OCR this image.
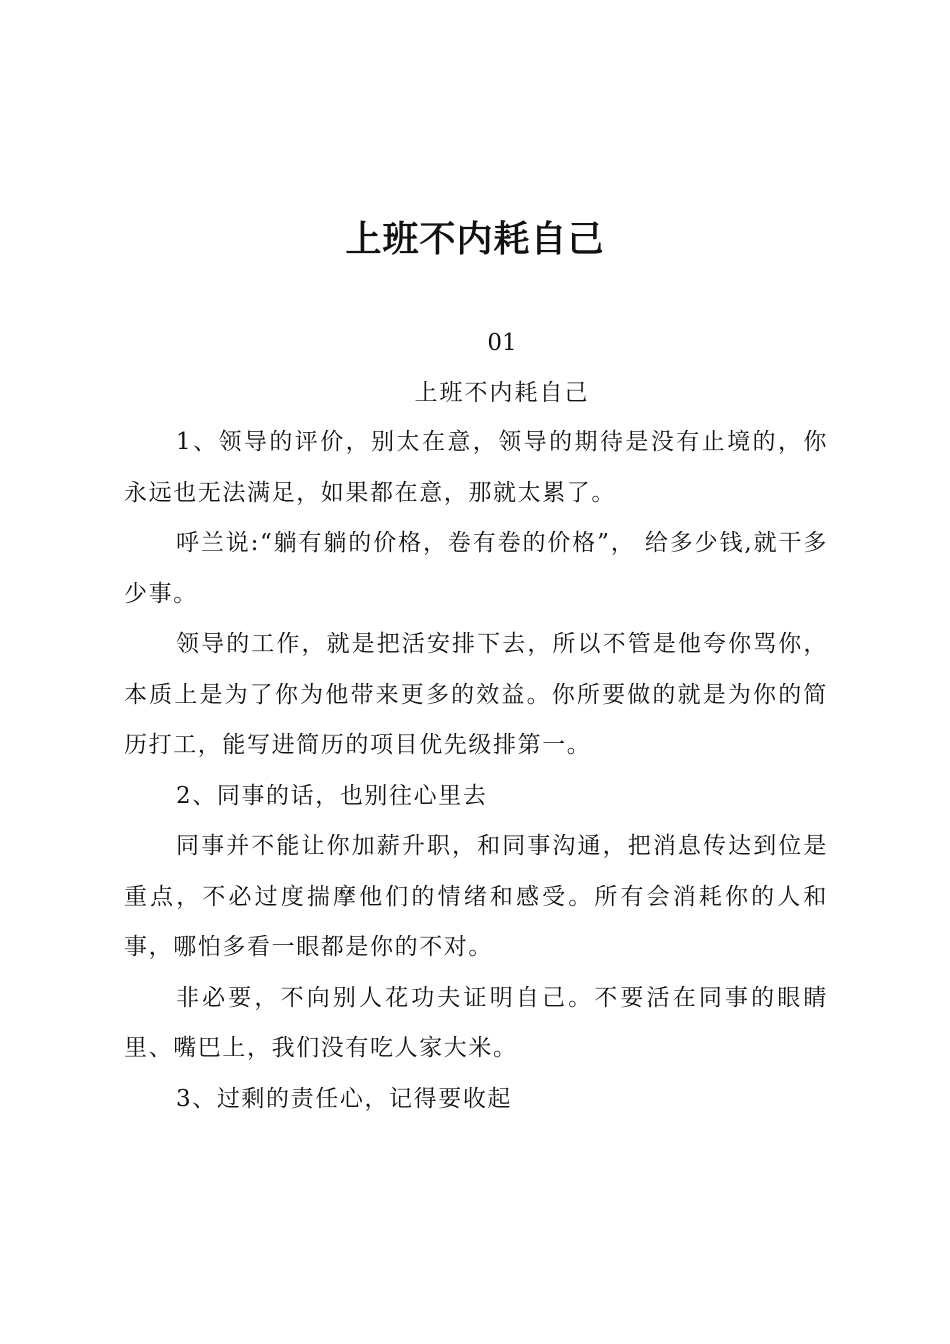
上班不内耗自己
01
上班不内耗自己

1、领导的评价，别太在意，领导的期待是没有止境的，你永远也无法满足，如果都在意，那就太累了。

呼兰说:“躺有躺的价格，卷有卷的价格”， 给多少钱,就干多少事。

领导的工作，就是把活安排下去，所以不管是他夸你骂你，本质上是为了你为他带来更多的效益。你所要做的就是为你的简历打工，能写进简历的项目优先级排第一。

2、同事的话，也别往心里去

同事并不能让你加薪升职，和同事沟通，把消息传达到位是重点，不必过度揣摩他们的情绪和感受。所有会消耗你的人和事，哪怕多看一眼都是你的不对。

非必要，不向别人花功夫证明自己。不要活在同事的眼睛里、嘴巴上，我们没有吃人家大米。

3、过剩的责任心，记得要收起
